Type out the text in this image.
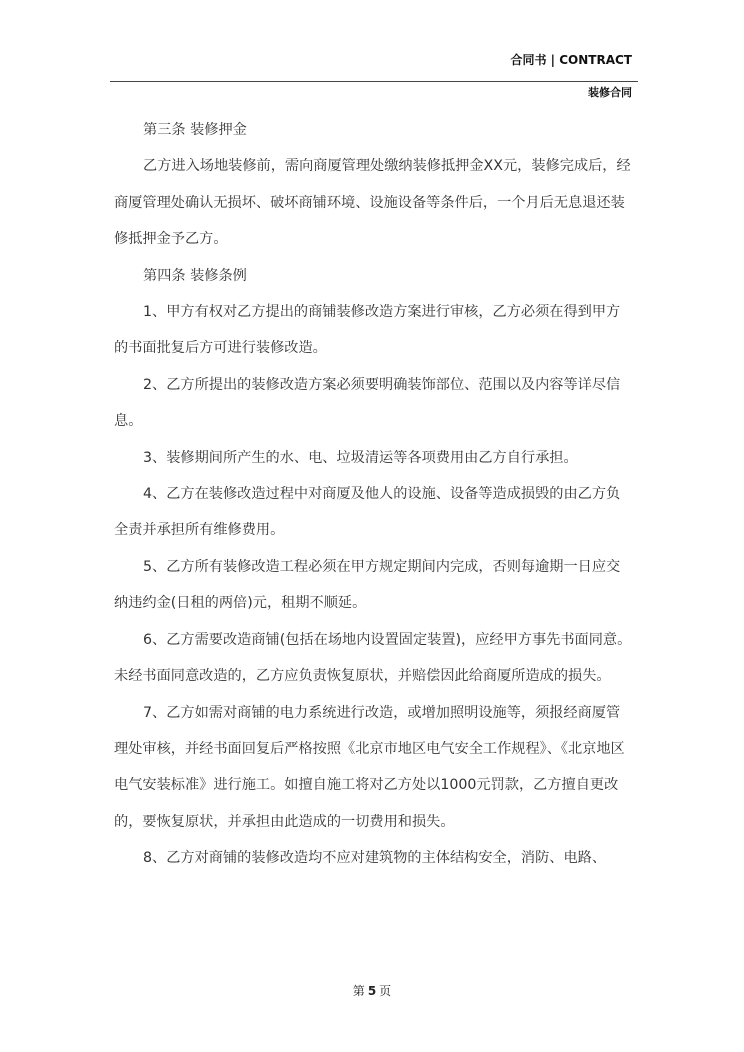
合同书 | CONTRACT
装修合同

第三条 装修押金

乙方进入场地装修前，需向商厦管理处缴纳装修抵押金XX元，装修完成后，经商厦管理处确认无损坏、破坏商铺环境、设施设备等条件后，一个月后无息退还装修抵押金予乙方。

第四条 装修条例

1、甲方有权对乙方提出的商铺装修改造方案进行审核，乙方必须在得到甲方的书面批复后方可进行装修改造。

2、乙方所提出的装修改造方案必须要明确装饰部位、范围以及内容等详尽信息。

3、装修期间所产生的水、电、垃圾清运等各项费用由乙方自行承担。

4、乙方在装修改造过程中对商厦及他人的设施、设备等造成损毁的由乙方负全责并承担所有维修费用。

5、乙方所有装修改造工程必须在甲方规定期间内完成，否则每逾期一日应交纳违约金(日租的两倍)元，租期不顺延。

6、乙方需要改造商铺(包括在场地内设置固定装置)，应经甲方事先书面同意。未经书面同意改造的，乙方应负责恢复原状，并赔偿因此给商厦所造成的损失。

7、乙方如需对商铺的电力系统进行改造，或增加照明设施等，须报经商厦管理处审核，并经书面回复后严格按照《北京市地区电气安全工作规程》、《北京地区电气安装标准》进行施工。如擅自施工将对乙方处以1000元罚款，乙方擅自更改的，要恢复原状，并承担由此造成的一切费用和损失。

8、乙方对商铺的装修改造均不应对建筑物的主体结构安全，消防、电路、

第 5 页
